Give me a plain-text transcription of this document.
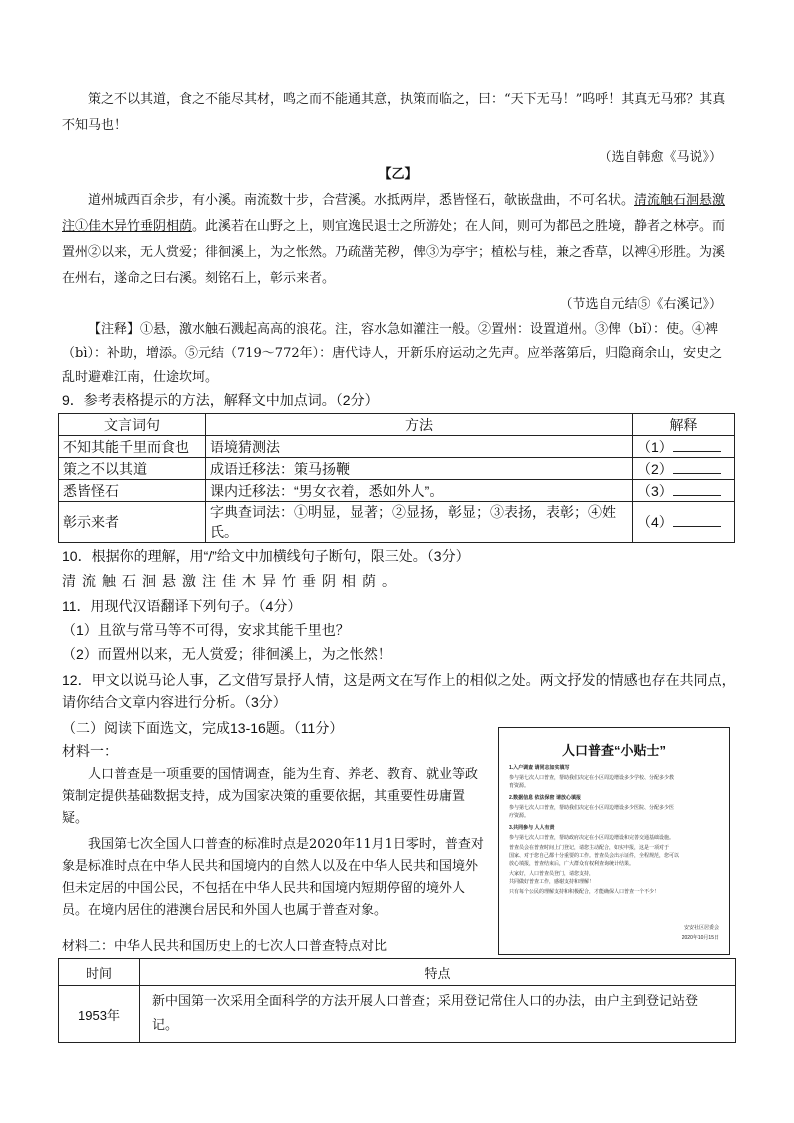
策之不以其道，食之不能尽其材，鸣之而不能通其意，执策而临之，曰：“天下无马！”呜呼！其真无马邪？其真不知马也！

（选自韩愈《马说》）

【乙】

道州城西百余步，有小溪。南流数十步，合营溪。水抵两岸，悉皆怪石，欹嵌盘曲，不可名状。清流触石洄悬激注①佳木异竹垂阴相荫。此溪若在山野之上，则宜逸民退士之所游处；在人间，则可为都邑之胜境，静者之林亭。而置州②以来，无人赏爱；徘徊溪上，为之怅然。乃疏凿芜秽，俾③为亭宇；植松与桂，兼之香草，以裨④形胜。为溪在州右，遂命之曰右溪。刻铭石上，彰示来者。

（节选自元结⑤《右溪记》）

【注释】①悬，激水触石溅起高高的浪花。注，容水急如灌注一般。②置州：设置道州。③俾（bǐ）：使。④裨（bì）：补助，增添。⑤元结（719～772年）：唐代诗人，开新乐府运动之先声。应举落第后，归隐商余山，安史之乱时避难江南，仕途坎坷。

9．参考表格提示的方法，解释文中加点词。（2分）
文言词句	方法	解释
不知其能千里而食也	语境猜测法	（1）
策之不以其道	成语迁移法：策马扬鞭	（2）
悉皆怪石	课内迁移法：“男女衣着，悉如外人”。	（3）
彰示来者	字典查词法：①明显，显著；②显扬，彰显；③表扬，表彰；④姓氏。	（4）
10．根据你的理解，用“/”给文中加横线句子断句，限三处。（3分）
清流触石洄悬激注佳木异竹垂阴相荫。
11．用现代汉语翻译下列句子。（4分）
（1）且欲与常马等不可得，安求其能千里也？
（2）而置州以来，无人赏爱；徘徊溪上，为之怅然！
12．甲文以说马论人事，乙文借写景抒人情，这是两文在写作上的相似之处。两文抒发的情感也存在共同点，
请你结合文章内容进行分析。（3分）
（二）阅读下面选文，完成13-16题。（11分）
材料一：

人口普查是一项重要的国情调查，能为生育、养老、教育、就业等政策制定提供基础数据支持，成为国家决策的重要依据，其重要性毋庸置疑。

我国第七次全国人口普查的标准时点是2020年11月1日零时，普查对象是标准时点在中华人民共和国境内的自然人以及在中华人民共和国境外但未定居的中国公民，不包括在中华人民共和国境内短期停留的境外人员。在境内居住的港澳台居民和外国人也属于普查对象。

材料二：中华人民共和国历史上的七次人口普查特点对比
人口普查“小贴士”
1.入户调查 请同志如实填写
参与第七次人口普查，帮助我们决定在小区周边增设多少学校、分配多少教
育资源。
2.数据信息 依法保密 请放心填报
参与第七次人口普查，帮助我们决定在小区周边增设多少医院、分配多少医
疗资源。
3.共同参与 人人有责
参与第七次人口普查，帮助政府决定在小区周边增设和完善交通基础设施。
普查员会在普查时间上门登记，请您主动配合，如实申报，这是一项对于
国家、对于您自己都十分重要的工作。普查员会出示证件，全程规范，您可以
放心填报，普查结束后，广大群众有权利查询统计结果。
大家好，人口普查员登门，请您支持，
共同做好普查工作，感谢支持和理解！
只有每个公民的理解支持和积极配合，才能确保人口普查一个不少！
安安社区居委会
2020年10月15日
时间	特点
1953年	新中国第一次采用全面科学的方法开展人口普查；采用登记常住人口的办法，由户主到登记站登记。
